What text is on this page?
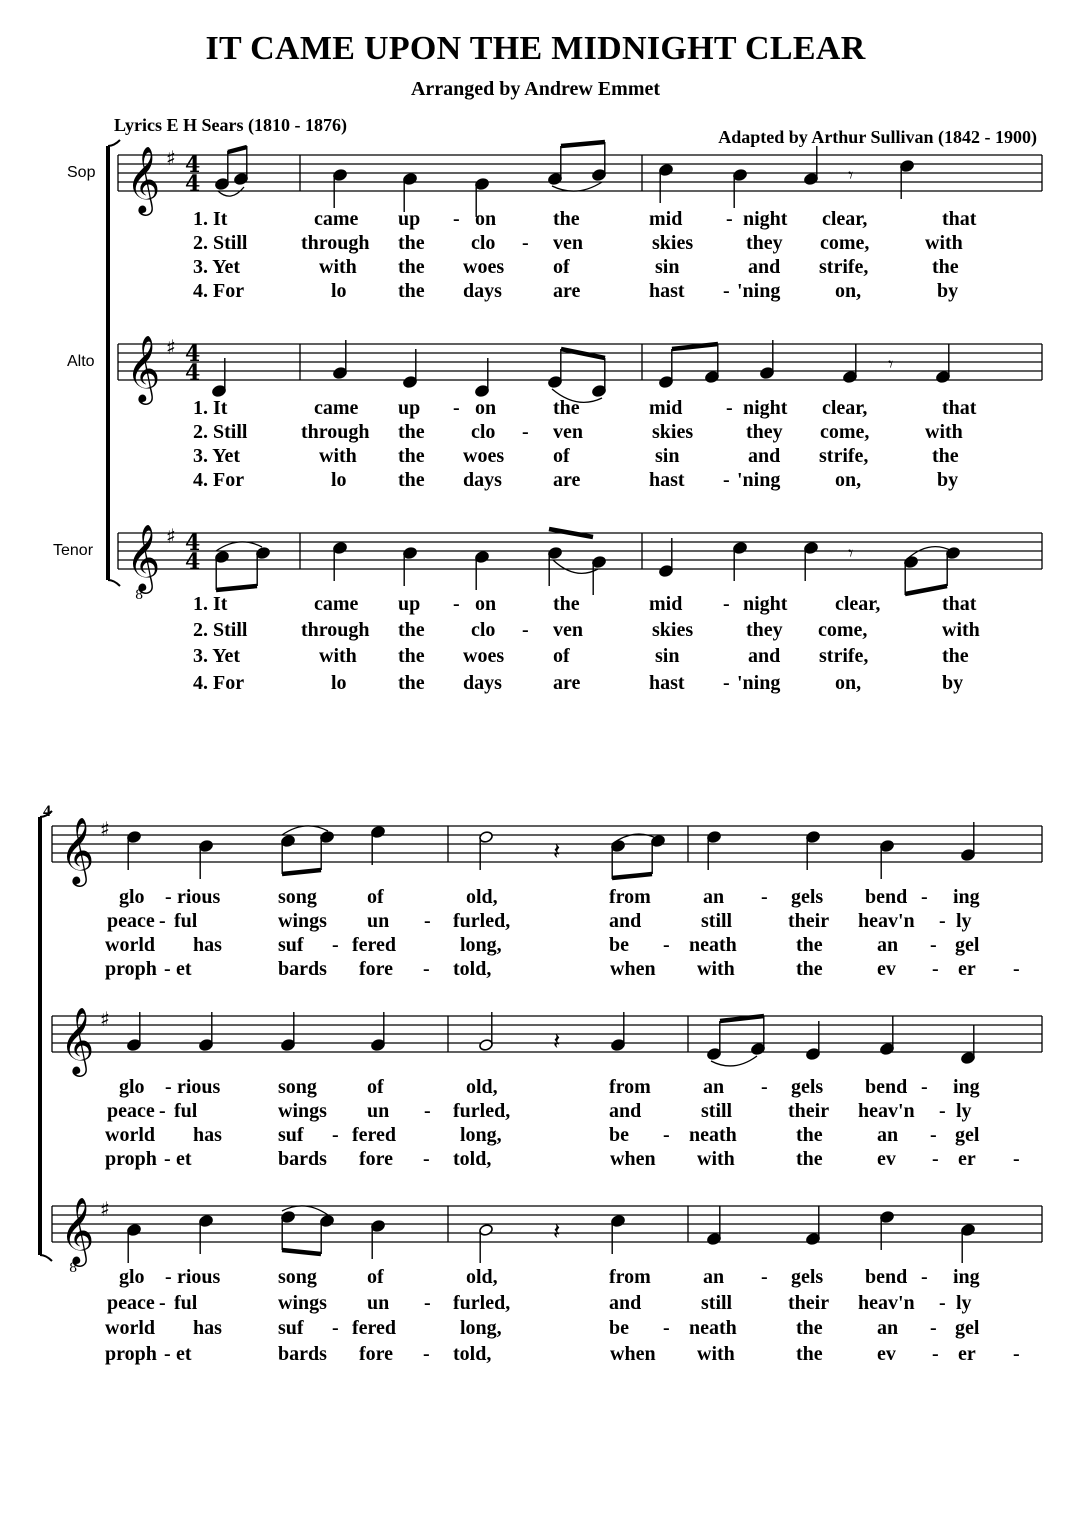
IT CAME UPON THE MIDNIGHT CLEAR
Arranged by Andrew Emmet
Lyrics E H Sears (1810 - 1876)
Adapted by Arthur Sullivan (1842 - 1900)
Sop
Alto
Tenor
4
𝄞 ♯ 4
4
𝄞 ♯ 4
4
𝄞 ♯ 4
4
8
𝄞 ♯
𝄞 ♯
𝄞 ♯
8
𝄾
𝄾
𝄾
𝄽
𝄽
𝄽
1. It	came up - on	the	mid - night clear,	that
2. Still	through the clo - ven	skies	they come,	with
3. Yet	with the woes of	sin	and strife,	the
4. For	lo	the days	are	hast - 'ning	on,	by
1. It	came up - on	the	mid - night clear,	that
2. Still	through the clo - ven	skies	they come,	with
3. Yet	with the woes of	sin	and strife,	the
4. For	lo	the days	are	hast - 'ning	on,	by
1. It	came up - on	the	mid - night clear,	that
2. Still	through the clo - ven	skies	they come,	with
3. Yet	with the woes of	sin	and strife,	the
4. For	lo	the days	are	hast - 'ning	on,	by
glo - rious	song	of	old,	from	an - gels bend - ing
peace - ful	wings un - furled,	and	still	their heav'n - ly
world has	suf - fered	long,	be - neath	the	an - gel
proph - et	bards fore - told,	when with	the	ev - er -
glo - rious	song	of	old,	from	an - gels bend - ing
peace - ful	wings un - furled,	and	still	their heav'n - ly
world has	suf - fered	long,	be - neath	the	an - gel
proph - et	bards fore - told,	when with	the	ev - er -
glo - rious	song	of	old,	from	an - gels bend - ing
peace - ful	wings un - furled,	and	still	their heav'n - ly
world has	suf - fered	long,	be - neath	the	an - gel
proph - et	bards fore - told,	when with	the	ev - er -
